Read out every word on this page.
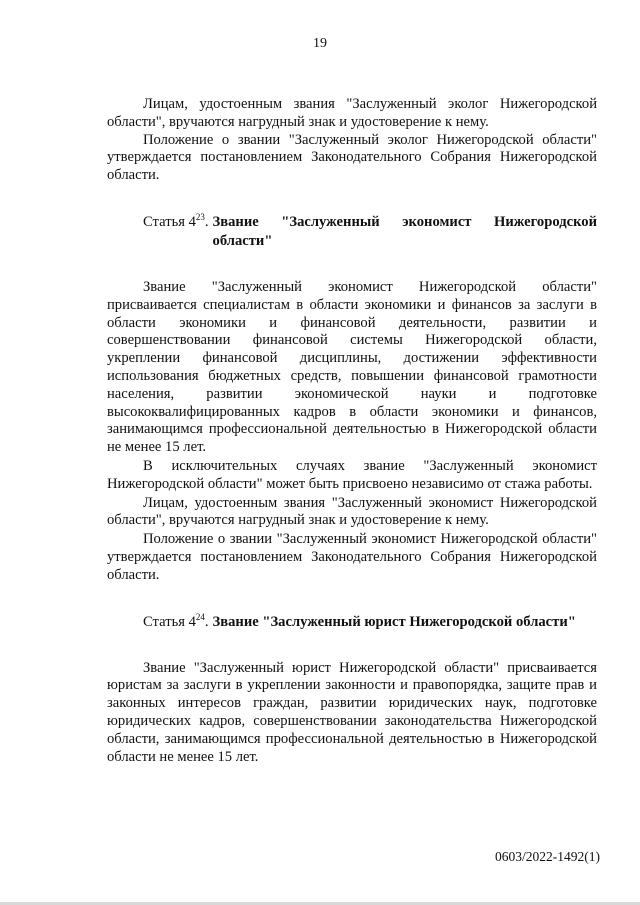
19

Лицам, удостоенным звания "Заслуженный эколог Нижегородской области", вручаются нагрудный знак и удостоверение к нему.

Положение о звании "Заслуженный эколог Нижегородской области" утверждается постановлением Законодательного Собрания Нижегородской области.

Статья $4^{23}$. Звание "Заслуженный экономист Нижегородской области"

Звание "Заслуженный экономист Нижегородской области" присваивается специалистам в области экономики и финансов за заслуги в области экономики и финансовой деятельности, развитии и совершенствовании финансовой системы Нижегородской области, укреплении финансовой дисциплины, достижении эффективности использования бюджетных средств, повышении финансовой грамотности населения, развитии экономической науки и подготовке высококвалифицированных кадров в области экономики и финансов, занимающимся профессиональной деятельностью в Нижегородской области не менее 15 лет.

В исключительных случаях звание "Заслуженный экономист Нижегородской области" может быть присвоено независимо от стажа работы.

Лицам, удостоенным звания "Заслуженный экономист Нижегородской области", вручаются нагрудный знак и удостоверение к нему.

Положение о звании "Заслуженный экономист Нижегородской области" утверждается постановлением Законодательного Собрания Нижегородской области.

Статья $4^{24}$. Звание "Заслуженный юрист Нижегородской области"

Звание "Заслуженный юрист Нижегородской области" присваивается юристам за заслуги в укреплении законности и правопорядка, защите прав и законных интересов граждан, развитии юридических наук, подготовке юридических кадров, совершенствовании законодательства Нижегородской области, занимающимся профессиональной деятельностью в Нижегородской области не менее 15 лет.

0603/2022-1492(1)
